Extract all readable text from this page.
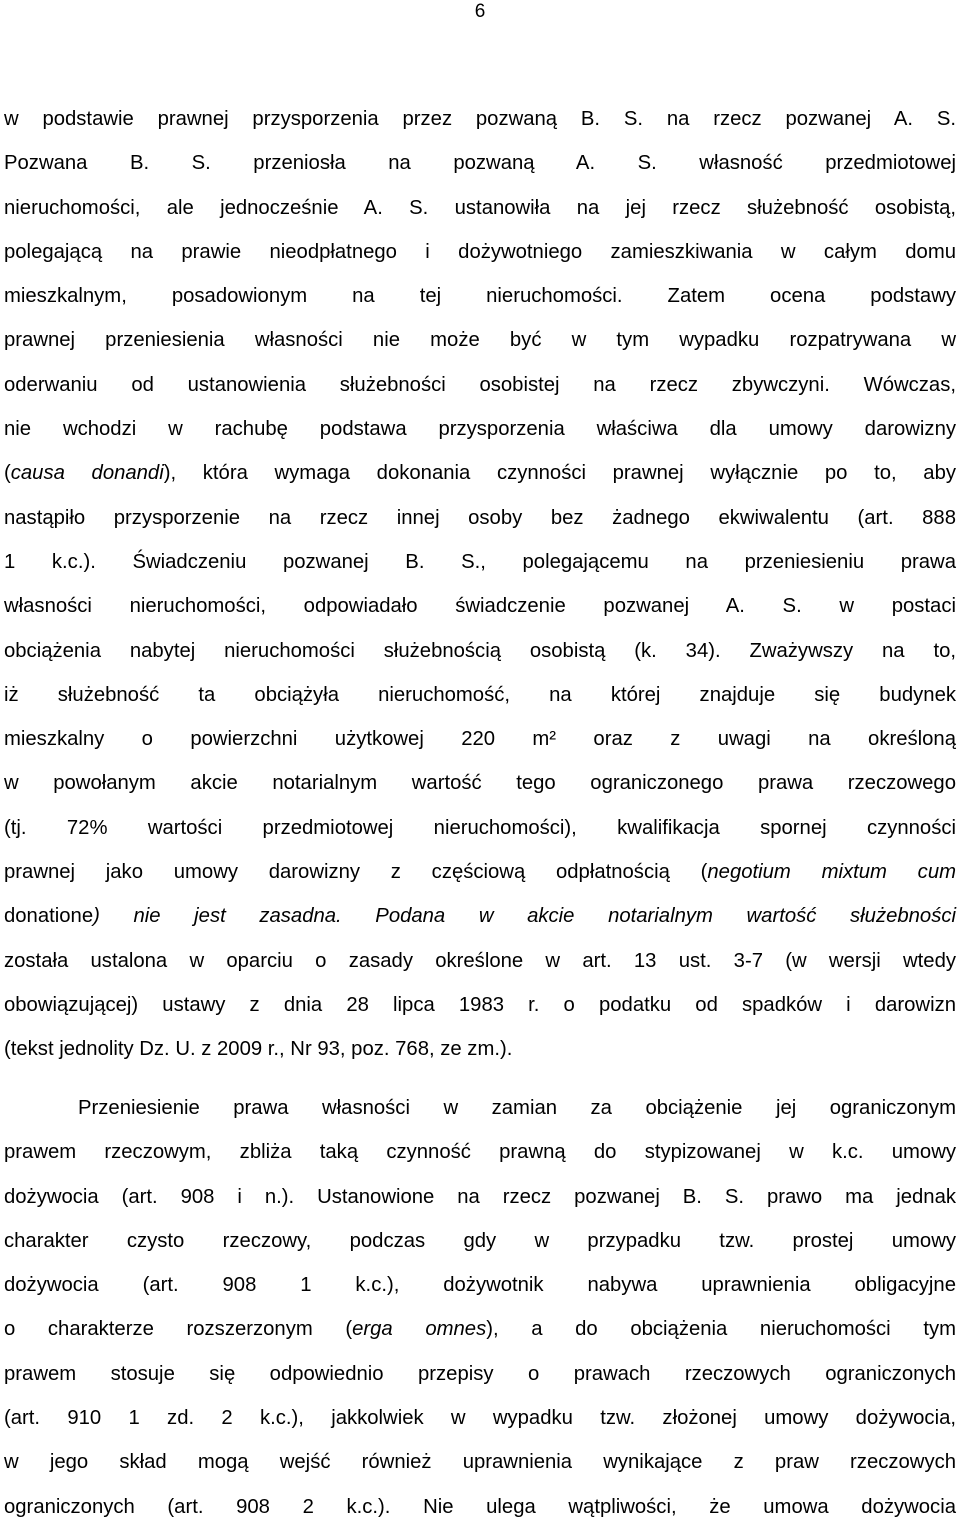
6
w podstawie prawnej przysporzenia przez pozwaną B. S. na rzecz pozwanej A. S.
Pozwana B. S. przeniosła na pozwaną A. S. własność przedmiotowej
nieruchomości, ale jednocześnie A. S. ustanowiła na jej rzecz służebność osobistą,
polegającą na prawie nieodpłatnego i dożywotniego zamieszkiwania w całym domu
mieszkalnym, posadowionym na tej nieruchomości. Zatem ocena podstawy
prawnej przeniesienia własności nie może być w tym wypadku rozpatrywana w
oderwaniu od ustanowienia służebności osobistej na rzecz zbywczyni. Wówczas,
nie wchodzi w rachubę podstawa przysporzenia właściwa dla umowy darowizny
(causa donandi), która wymaga dokonania czynności prawnej wyłącznie po to, aby
nastąpiło przysporzenie na rzecz innej osoby bez żadnego ekwiwalentu (art. 888
1 k.c.). Świadczeniu pozwanej B. S., polegającemu na przeniesieniu prawa
własności nieruchomości, odpowiadało świadczenie pozwanej A. S. w postaci
obciążenia nabytej nieruchomości służebnością osobistą (k. 34). Zważywszy na to,
iż służebność ta obciążyła nieruchomość, na której znajduje się budynek
mieszkalny o powierzchni użytkowej 220 m² oraz z uwagi na określoną
w powołanym akcie notarialnym wartość tego ograniczonego prawa rzeczowego
(tj. 72% wartości przedmiotowej nieruchomości), kwalifikacja spornej czynności
prawnej jako umowy darowizny z częściową odpłatnością (negotium mixtum cum
donatione) nie jest zasadna. Podana w akcie notarialnym wartość służebności
została ustalona w oparciu o zasady określone w art. 13 ust. 3-7 (w wersji wtedy
obowiązującej) ustawy z dnia 28 lipca 1983 r. o podatku od spadków i darowizn
(tekst jednolity Dz. U. z 2009 r., Nr 93, poz. 768, ze zm.).
Przeniesienie prawa własności w zamian za obciążenie jej ograniczonym
prawem rzeczowym, zbliża taką czynność prawną do stypizowanej w k.c. umowy
dożywocia (art. 908 i n.). Ustanowione na rzecz pozwanej B. S. prawo ma jednak
charakter czysto rzeczowy, podczas gdy w przypadku tzw. prostej umowy
dożywocia (art. 908 1 k.c.), dożywotnik nabywa uprawnienia obligacyjne
o charakterze rozszerzonym (erga omnes), a do obciążenia nieruchomości tym
prawem stosuje się odpowiednio przepisy o prawach rzeczowych ograniczonych
(art. 910 1 zd. 2 k.c.), jakkolwiek w wypadku tzw. złożonej umowy dożywocia,
w jego skład mogą wejść również uprawnienia wynikające z praw rzeczowych
ograniczonych (art. 908 2 k.c.). Nie ulega wątpliwości, że umowa dożywocia
